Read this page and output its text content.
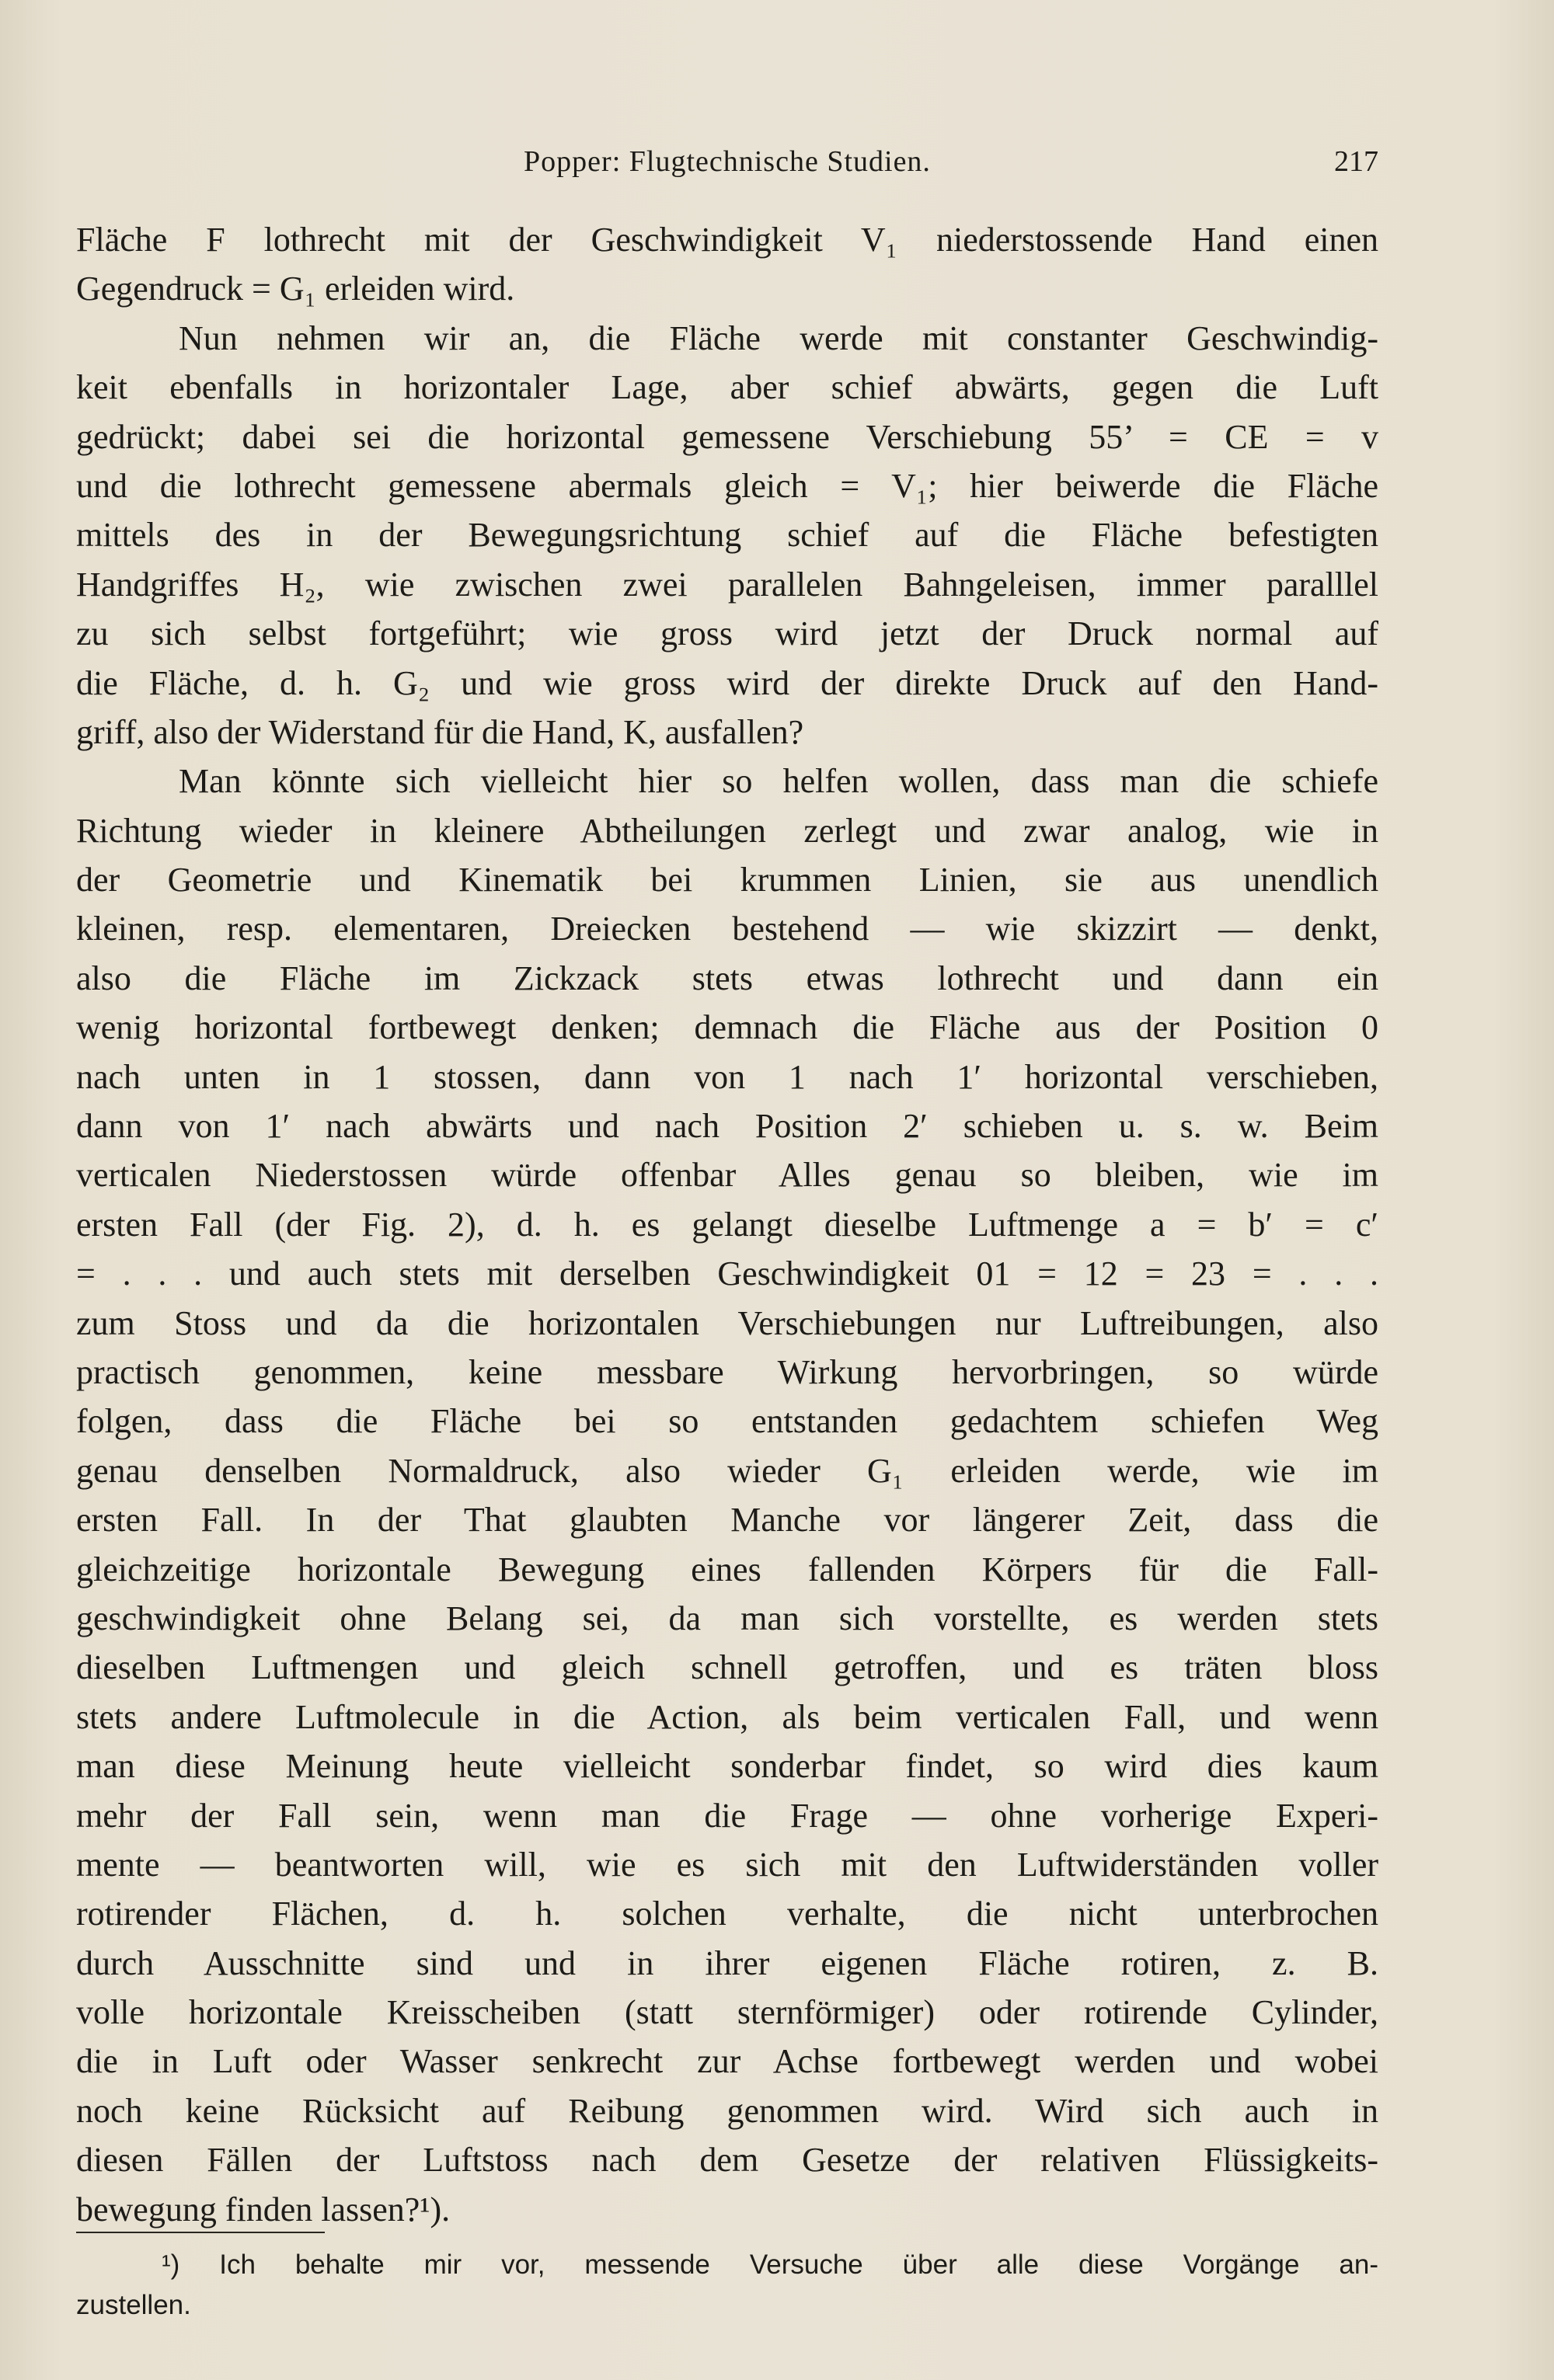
Popper: Flugtechnische Studien.	217
Fläche F lothrecht mit der Geschwindigkeit V₁ niederstossende Hand einen
Gegendruck = G₁ erleiden wird.
Nun nehmen wir an, die Fläche werde mit constanter Geschwindig-
keit ebenfalls in horizontaler Lage, aber schief abwärts, gegen die Luft
gedrückt; dabei sei die horizontal gemessene Verschiebung 55’ = CE = v
und die lothrecht gemessene abermals gleich = V₁; hier beiwerde die Fläche
mittels des in der Bewegungsrichtung schief auf die Fläche befestigten
Handgriffes H₂, wie zwischen zwei parallelen Bahngeleisen, immer paralllel
zu sich selbst fortgeführt; wie gross wird jetzt der Druck normal auf
die Fläche, d. h. G₂ und wie gross wird der direkte Druck auf den Hand-
griff, also der Widerstand für die Hand, K, ausfallen?
Man könnte sich vielleicht hier so helfen wollen, dass man die schiefe
Richtung wieder in kleinere Abtheilungen zerlegt und zwar analog, wie in
der Geometrie und Kinematik bei krummen Linien, sie aus unendlich
kleinen, resp. elementaren, Dreiecken bestehend — wie skizzirt — denkt,
also die Fläche im Zickzack stets etwas lothrecht und dann ein
wenig horizontal fortbewegt denken; demnach die Fläche aus der Position 0
nach unten in 1 stossen, dann von 1 nach 1′ horizontal verschieben,
dann von 1′ nach abwärts und nach Position 2′ schieben u. s. w. Beim
verticalen Niederstossen würde offenbar Alles genau so bleiben, wie im
ersten Fall (der Fig. 2), d. h. es gelangt dieselbe Luftmenge a = b′ = c′
= . . . und auch stets mit derselben Geschwindigkeit 01 = 12 = 23 = . . .
zum Stoss und da die horizontalen Verschiebungen nur Luftreibungen, also
practisch genommen, keine messbare Wirkung hervorbringen, so würde
folgen, dass die Fläche bei so entstanden gedachtem schiefen Weg
genau denselben Normaldruck, also wieder G₁ erleiden werde, wie im
ersten Fall. In der That glaubten Manche vor längerer Zeit, dass die
gleichzeitige horizontale Bewegung eines fallenden Körpers für die Fall-
geschwindigkeit ohne Belang sei, da man sich vorstellte, es werden stets
dieselben Luftmengen und gleich schnell getroffen, und es träten bloss
stets andere Luftmolecule in die Action, als beim verticalen Fall, und wenn
man diese Meinung heute vielleicht sonderbar findet, so wird dies kaum
mehr der Fall sein, wenn man die Frage — ohne vorherige Experi-
mente — beantworten will, wie es sich mit den Luftwiderständen voller
rotirender Flächen, d. h. solchen verhalte, die nicht unterbrochen
durch Ausschnitte sind und in ihrer eigenen Fläche rotiren, z. B.
volle horizontale Kreisscheiben (statt sternförmiger) oder rotirende Cylinder,
die in Luft oder Wasser senkrecht zur Achse fortbewegt werden und wobei
noch keine Rücksicht auf Reibung genommen wird. Wird sich auch in
diesen Fällen der Luftstoss nach dem Gesetze der relativen Flüssigkeits-
bewegung finden lassen?¹).
¹) Ich behalte mir vor, messende Versuche über alle diese Vorgänge an-
zustellen.
